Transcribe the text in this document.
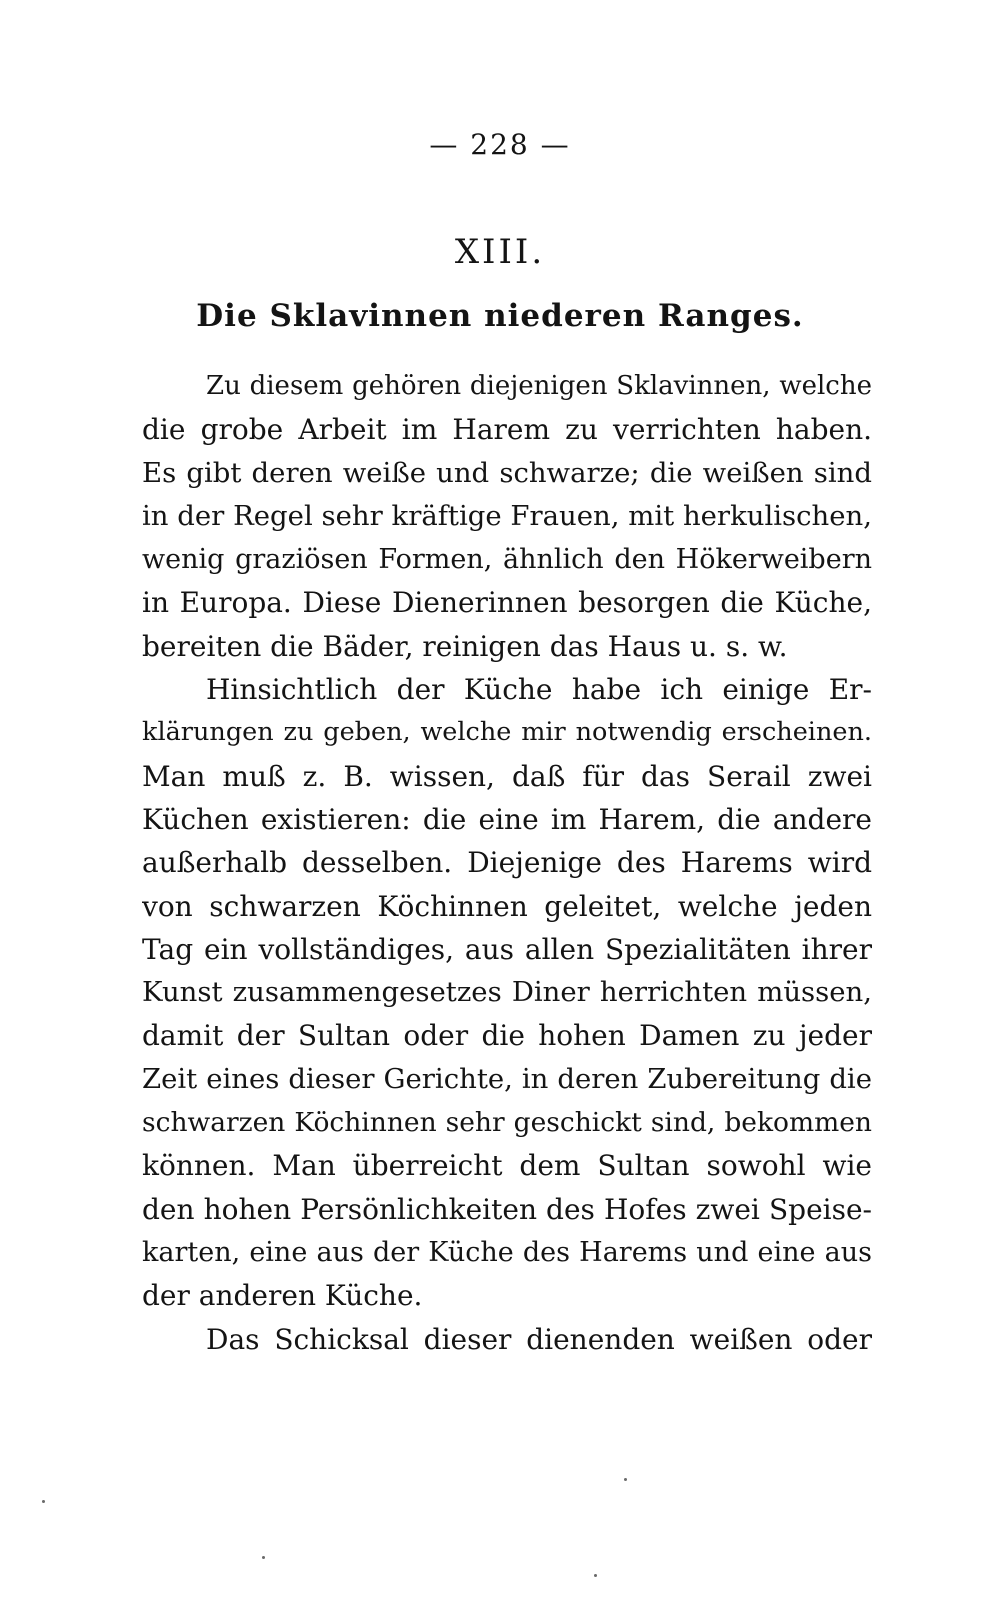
— 228 —
XIII.
Die Sklavinnen niederen Ranges.
Zu diesem gehören diejenigen Sklavinnen, welche
die grobe Arbeit im Harem zu verrichten haben.
Es gibt deren weiße und schwarze; die weißen sind
in der Regel sehr kräftige Frauen, mit herkulischen,
wenig graziösen Formen, ähnlich den Hökerweibern
in Europa. Diese Dienerinnen besorgen die Küche,
bereiten die Bäder, reinigen das Haus u. s. w.
Hinsichtlich der Küche habe ich einige Er-
klärungen zu geben, welche mir notwendig erscheinen.
Man muß z. B. wissen, daß für das Serail zwei
Küchen existieren: die eine im Harem, die andere
außerhalb desselben. Diejenige des Harems wird
von schwarzen Köchinnen geleitet, welche jeden
Tag ein vollständiges, aus allen Spezialitäten ihrer
Kunst zusammengesetzes Diner herrichten müssen,
damit der Sultan oder die hohen Damen zu jeder
Zeit eines dieser Gerichte, in deren Zubereitung die
schwarzen Köchinnen sehr geschickt sind, bekommen
können. Man überreicht dem Sultan sowohl wie
den hohen Persönlichkeiten des Hofes zwei Speise-
karten, eine aus der Küche des Harems und eine aus
der anderen Küche.
Das Schicksal dieser dienenden weißen oder
